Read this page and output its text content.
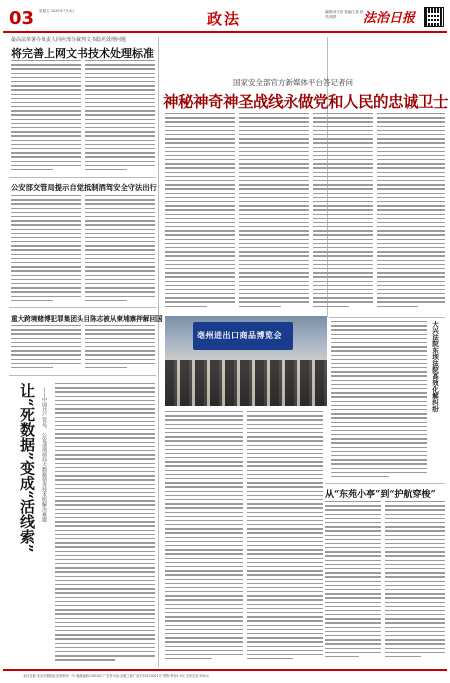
03 星期五 2025年7月4日	政法	编辑/刘宇田 美编/王新 校对/刘梦	法治日报
最高法举署办负责人回应部分裁判文书隐名处理问题
将完善上网文书技术处理标准
公安部交管局提示自觉抵制酒驾安全守法出行
重大跨境赌博犯罪集团头目陈志被从柬埔寨押解回国
让“死数据”变成“活线索”	——中国共产党员、公安部刑侦局大数据侦查技术组解决难题
国家安全部官方新媒体平台答记者问
神秘神奇神圣战线永做党和人民的忠诚卫士
亳州进出口商品博览会	大兴法院东坝法院高效化解纠纷
从“东苑小亭”到“护航穿梭”
本社社址:北京市朝阳区花家地甲一号 邮政编码:100102 广告许可证:京朝工商广登字20170021号 零售:每份1.5元 全年定价:540元
